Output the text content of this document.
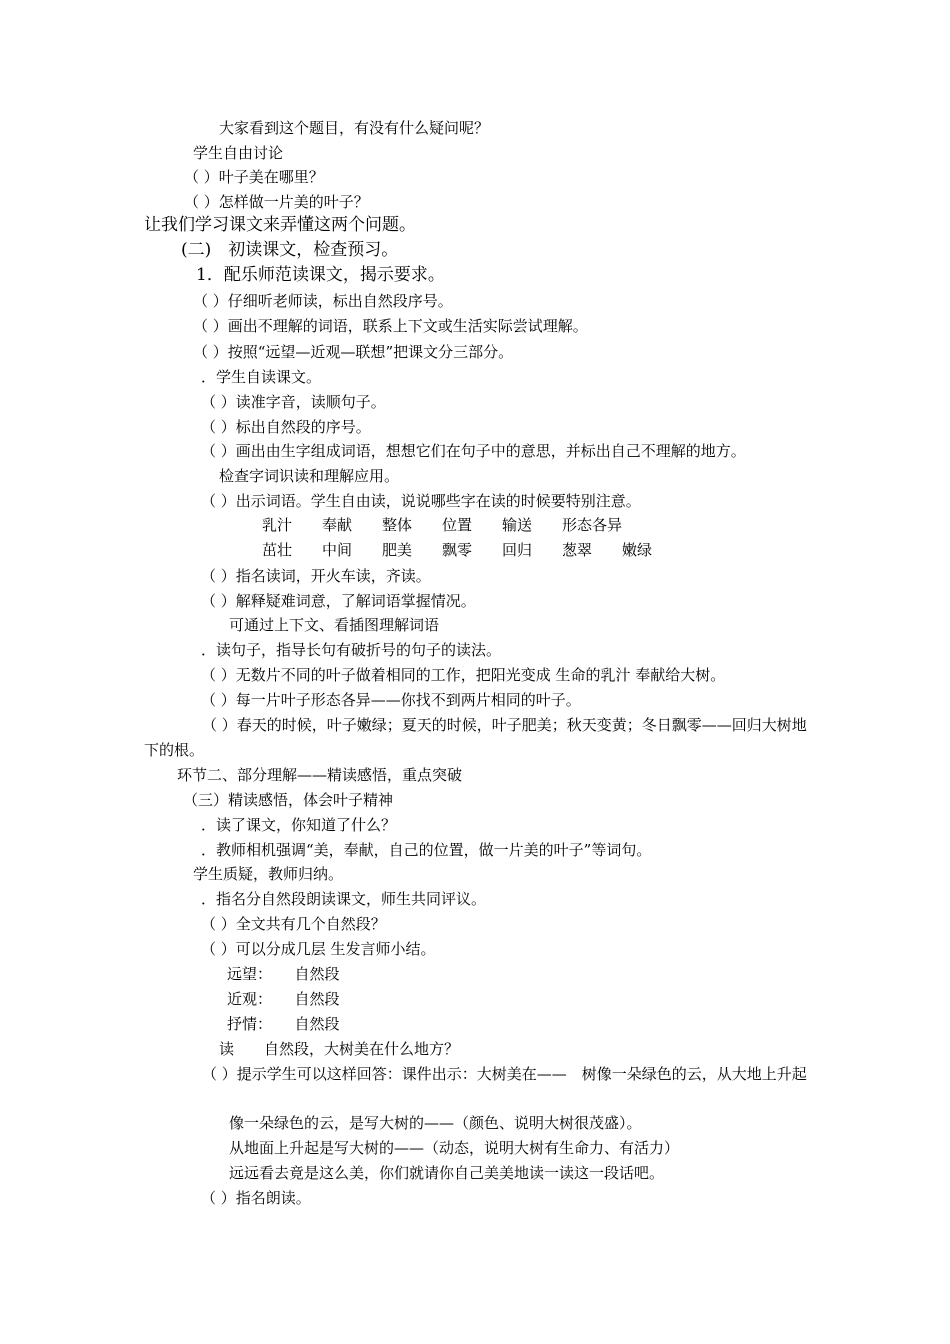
大家看到这个题目，有没有什么疑问呢？
学生自由讨论
（ ）叶子美在哪里？
（ ）怎样做一片美的叶子？
让我们学习课文来弄懂这两个问题。
(二)　初读课文，检查预习。
1．配乐师范读课文，揭示要求。
（ ）仔细听老师读，标出自然段序号。
（ ）画出不理解的词语，联系上下文或生活实际尝试理解。
（ ）按照“远望—近观—联想”把课文分三部分。
．学生自读课文。
（ ）读准字音，读顺句子。
（ ）标出自然段的序号。
（ ）画出由生字组成词语，想想它们在句子中的意思，并标出自己不理解的地方。
检查字词识读和理解应用。
（ ）出示词语。学生自由读，说说哪些字在读的时候要特别注意。
乳汁　　奉献　　整体　　位置　　输送　　形态各异
茁壮　　中间　　肥美　　飘零　　回归　　葱翠　　嫩绿
（ ）指名读词，开火车读，齐读。
（ ）解释疑难词意，了解词语掌握情况。
可通过上下文、看插图理解词语
．读句子，指导长句有破折号的句子的读法。
（ ）无数片不同的叶子做着相同的工作，把阳光变成 生命的乳汁 奉献给大树。
（ ）每一片叶子形态各异——你找不到两片相同的叶子。
（ ）春天的时候，叶子嫩绿；夏天的时候，叶子肥美；秋天变黄；冬日飘零——回归大树地下的根。
环节二、部分理解——精读感悟，重点突破
（三）精读感悟，体会叶子精神
．读了课文，你知道了什么？
．教师相机强调“美，奉献，自己的位置，做一片美的叶子”等词句。
学生质疑，教师归纳。
．指名分自然段朗读课文，师生共同评议。
（ ）全文共有几个自然段？
（ ）可以分成几层 生发言师小结。
远望：　　自然段
近观：　　自然段
抒情：　　自然段
读　　自然段，大树美在什么地方？
（ ）提示学生可以这样回答：课件出示：大树美在——　树像一朵绿色的云，从大地上升起
像一朵绿色的云，是写大树的——（颜色、说明大树很茂盛）。
从地面上升起是写大树的——（动态，说明大树有生命力、有活力）
远远看去竟是这么美，你们就请你自己美美地读一读这一段话吧。
（ ）指名朗读。
